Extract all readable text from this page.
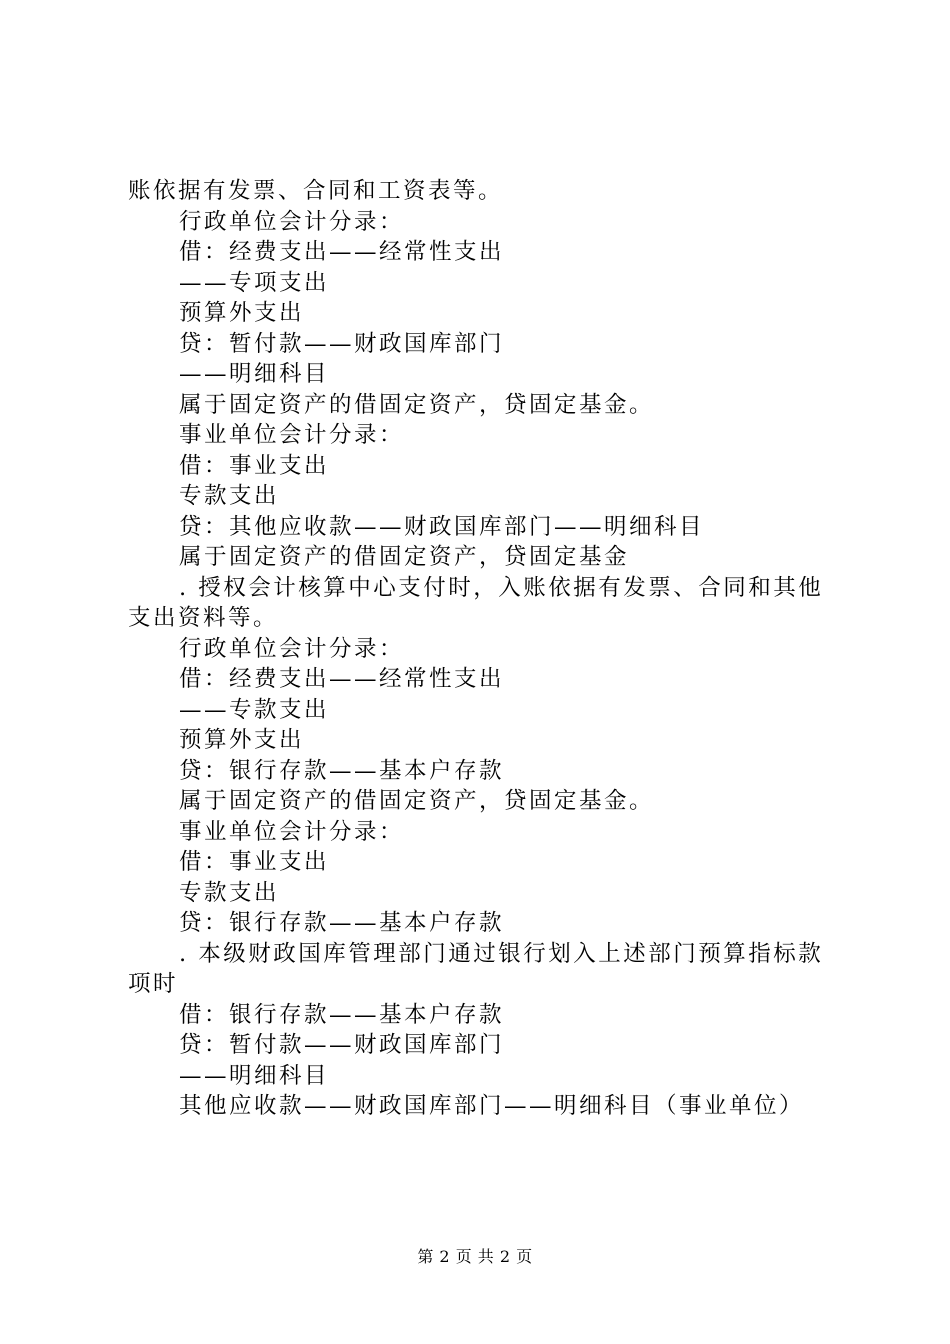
账依据有发票、合同和工资表等。
行政单位会计分录：
借：经费支出——经常性支出
——专项支出
预算外支出
贷：暂付款——财政国库部门
——明细科目
属于固定资产的借固定资产，贷固定基金。
事业单位会计分录：
借：事业支出
专款支出
贷：其他应收款——财政国库部门——明细科目
属于固定资产的借固定资产，贷固定基金
. 授权会计核算中心支付时，入账依据有发票、合同和其他
支出资料等。
行政单位会计分录：
借：经费支出——经常性支出
——专款支出
预算外支出
贷：银行存款——基本户存款
属于固定资产的借固定资产，贷固定基金。
事业单位会计分录：
借：事业支出
专款支出
贷：银行存款——基本户存款
. 本级财政国库管理部门通过银行划入上述部门预算指标款
项时
借：银行存款——基本户存款
贷：暂付款——财政国库部门
——明细科目
其他应收款——财政国库部门——明细科目（事业单位）
第 2 页 共 2 页
